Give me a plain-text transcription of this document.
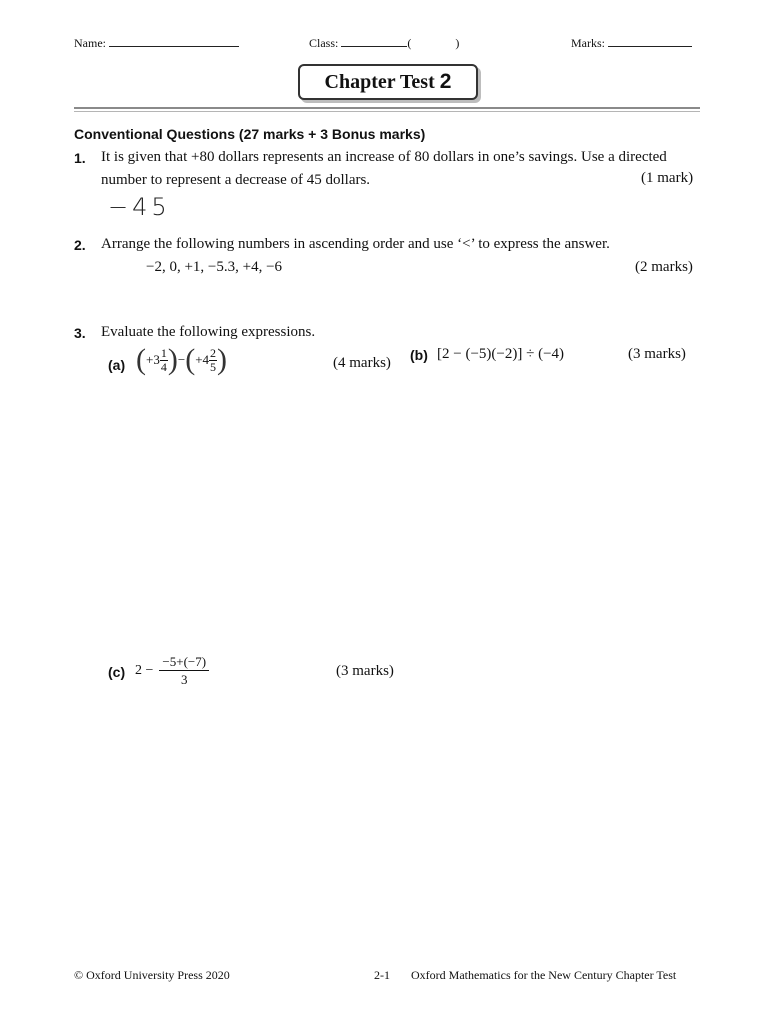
Name:	Class:	(	)	Marks:
Chapter Test 2
Conventional Questions (27 marks + 3 Bonus marks)
1. It is given that +80 dollars represents an increase of 80 dollars in one’s savings. Use a directed
number to represent a decrease of 45 dollars.	(1 mark)
−45
2. Arrange the following numbers in ascending order and use ‘<’ to express the answer.
−2, 0, +1, −5.3, +4, −6	(2 marks)
3. Evaluate the following expressions.
(a) ( $+3 \frac{1}{4}$ ) − ( $+4 \frac{2}{5}$ )	(4 marks) (b) [2 − (−5)(−2)] ÷ (−4)	(3 marks)
(c) $2 - \frac{-5+(-7)}{3}$	(3 marks)
© Oxford University Press 2020	2-1 Oxford Mathematics for the New Century Chapter Test
